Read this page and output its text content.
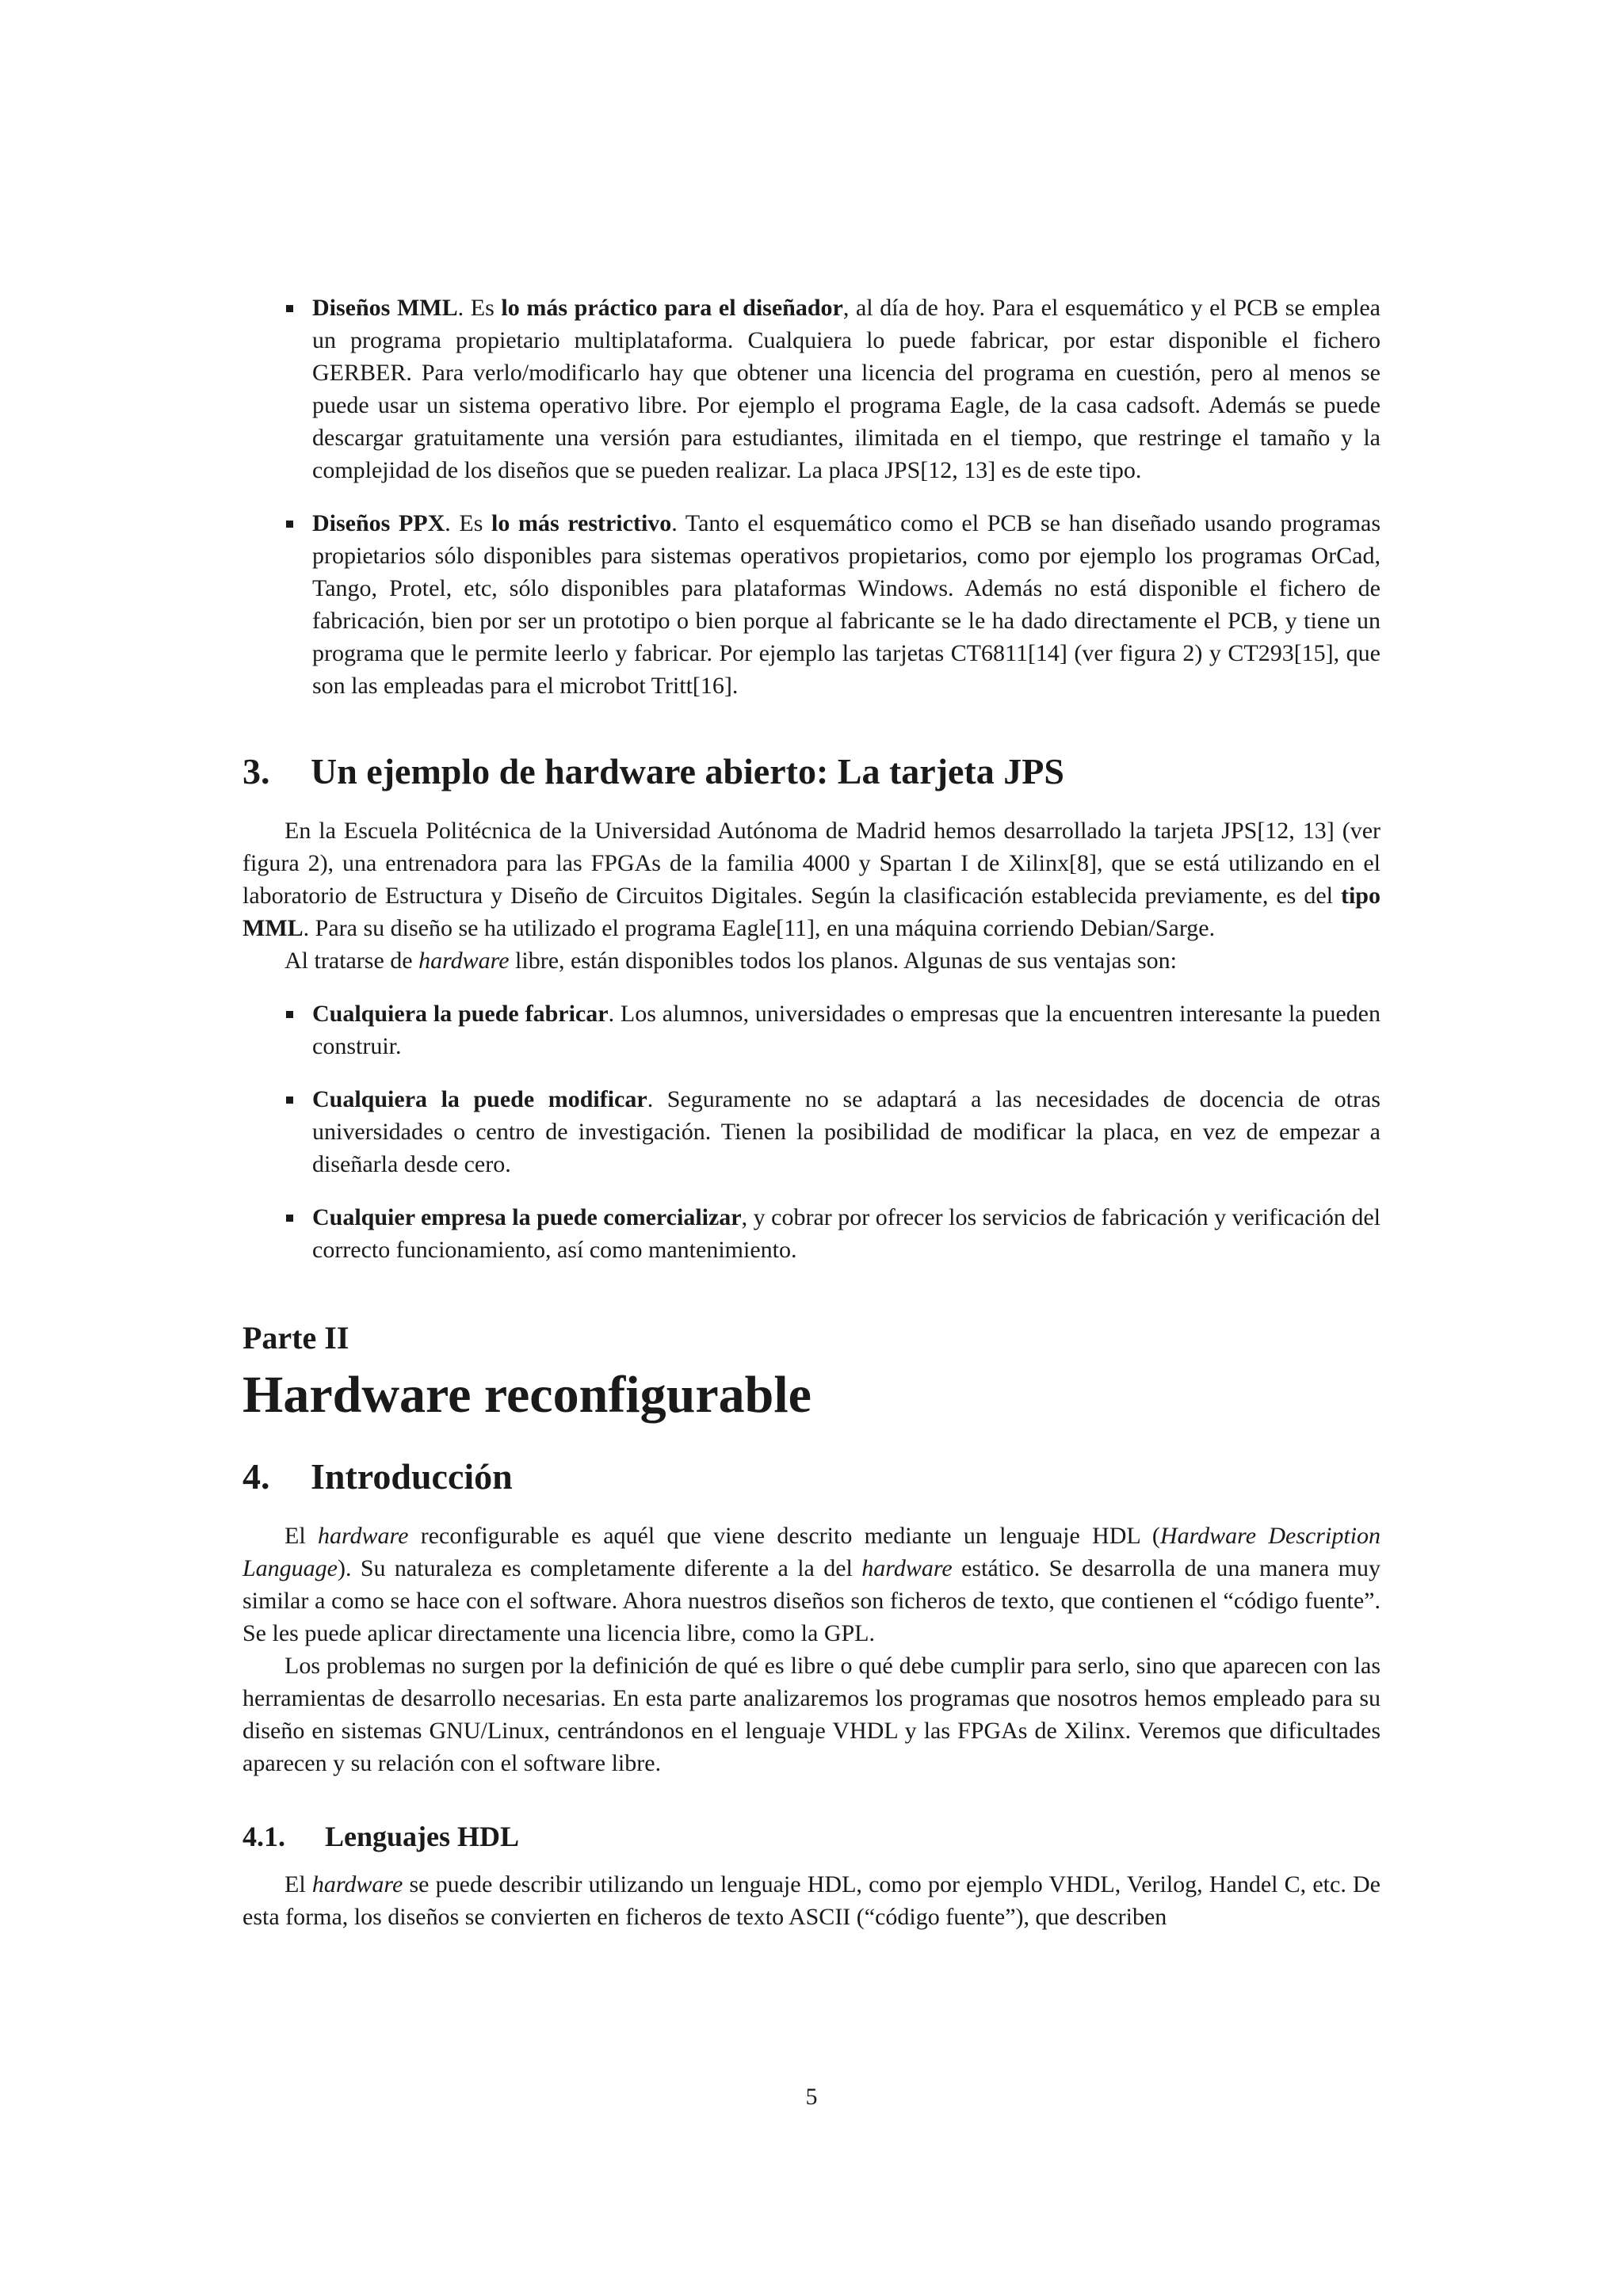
Diseños MML. Es lo más práctico para el diseñador, al día de hoy. Para el esquemático y el PCB se emplea un programa propietario multiplataforma. Cualquiera lo puede fabricar, por estar disponible el fichero GERBER. Para verlo/modificarlo hay que obtener una licencia del programa en cuestión, pero al menos se puede usar un sistema operativo libre. Por ejemplo el programa Eagle, de la casa cadsoft. Además se puede descargar gratuitamente una versión para estudiantes, ilimitada en el tiempo, que restringe el tamaño y la complejidad de los diseños que se pueden realizar. La placa JPS[12, 13] es de este tipo.
Diseños PPX. Es lo más restrictivo. Tanto el esquemático como el PCB se han diseñado usando programas propietarios sólo disponibles para sistemas operativos propietarios, como por ejemplo los programas OrCad, Tango, Protel, etc, sólo disponibles para plataformas Windows. Además no está disponible el fichero de fabricación, bien por ser un prototipo o bien porque al fabricante se le ha dado directamente el PCB, y tiene un programa que le permite leerlo y fabricar. Por ejemplo las tarjetas CT6811[14] (ver figura 2) y CT293[15], que son las empleadas para el microbot Tritt[16].
3. Un ejemplo de hardware abierto: La tarjeta JPS

En la Escuela Politécnica de la Universidad Autónoma de Madrid hemos desarrollado la tarjeta JPS[12, 13] (ver figura 2), una entrenadora para las FPGAs de la familia 4000 y Spartan I de Xilinx[8], que se está utilizando en el laboratorio de Estructura y Diseño de Circuitos Digitales. Según la clasificación establecida previamente, es del tipo MML. Para su diseño se ha utilizado el programa Eagle[11], en una máquina corriendo Debian/Sarge.

Al tratarse de hardware libre, están disponibles todos los planos. Algunas de sus ventajas son:

Cualquiera la puede fabricar. Los alumnos, universidades o empresas que la encuentren interesante la pueden construir.
Cualquiera la puede modificar. Seguramente no se adaptará a las necesidades de docencia de otras universidades o centro de investigación. Tienen la posibilidad de modificar la placa, en vez de empezar a diseñarla desde cero.
Cualquier empresa la puede comercializar, y cobrar por ofrecer los servicios de fabricación y verificación del correcto funcionamiento, así como mantenimiento.
Parte II
Hardware reconfigurable
4. Introducción

El hardware reconfigurable es aquél que viene descrito mediante un lenguaje HDL (Hardware Description Language). Su naturaleza es completamente diferente a la del hardware estático. Se desarrolla de una manera muy similar a como se hace con el software. Ahora nuestros diseños son ficheros de texto, que contienen el “código fuente”. Se les puede aplicar directamente una licencia libre, como la GPL.

Los problemas no surgen por la definición de qué es libre o qué debe cumplir para serlo, sino que aparecen con las herramientas de desarrollo necesarias. En esta parte analizaremos los programas que nosotros hemos empleado para su diseño en sistemas GNU/Linux, centrándonos en el lenguaje VHDL y las FPGAs de Xilinx. Veremos que dificultades aparecen y su relación con el software libre.

4.1. Lenguajes HDL

El hardware se puede describir utilizando un lenguaje HDL, como por ejemplo VHDL, Verilog, Handel C, etc. De esta forma, los diseños se convierten en ficheros de texto ASCII (“código fuente”), que describen

5
